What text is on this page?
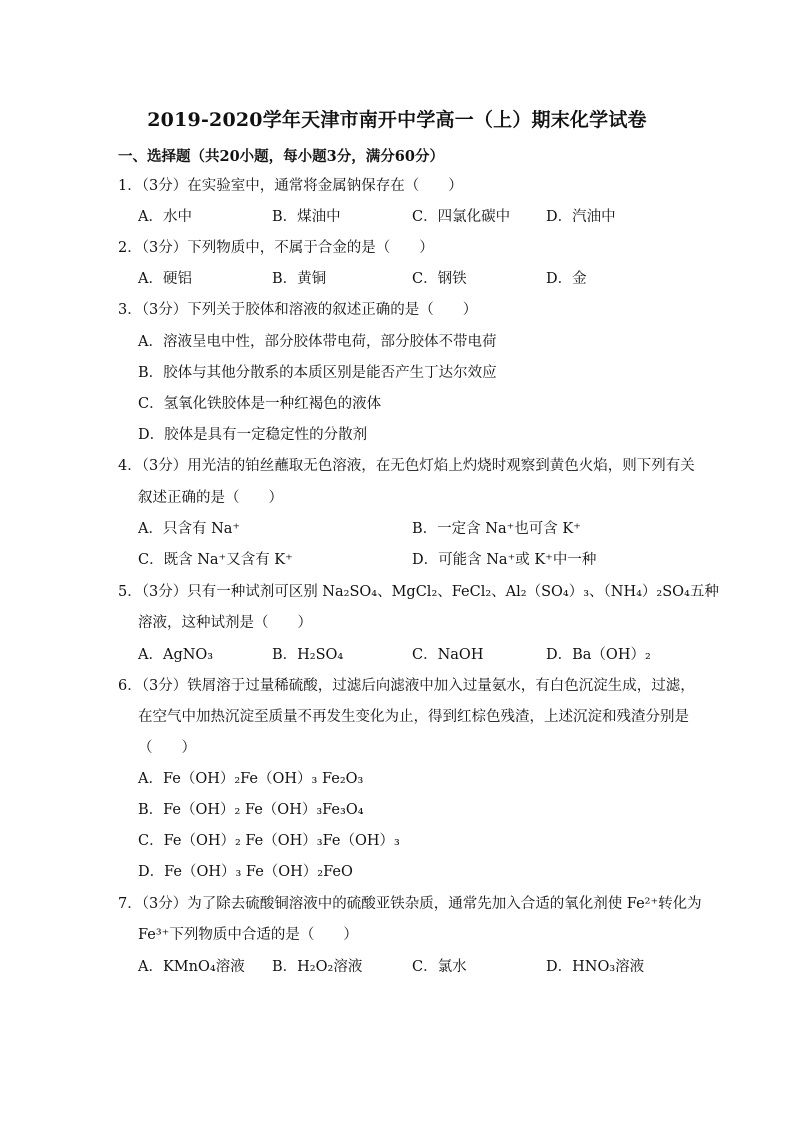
2019-2020学年天津市南开中学高一（上）期末化学试卷
一、选择题（共20小题，每小题3分，满分60分）
1．（3分）在实验室中，通常将金属钠保存在（　　）
A．水中	B．煤油中	C．四氯化碳中 D．汽油中
2．（3分）下列物质中，不属于合金的是（　　）
A．硬铝	B．黄铜	C．钢铁	D．金
3．（3分）下列关于胶体和溶液的叙述正确的是（　　）
A．溶液呈电中性，部分胶体带电荷，部分胶体不带电荷
B．胶体与其他分散系的本质区别是能否产生丁达尔效应
C．氢氧化铁胶体是一种红褐色的液体
D．胶体是具有一定稳定性的分散剂
4．（3分）用光洁的铂丝蘸取无色溶液，在无色灯焰上灼烧时观察到黄色火焰，则下列有关
叙述正确的是（　　）
A．只含有 Na⁺	B．一定含 Na⁺也可含 K⁺
C．既含 Na⁺又含有 K⁺	D．可能含 Na⁺或 K⁺中一种
5．（3分）只有一种试剂可区别 Na₂SO₄、MgCl₂、FeCl₂、Al₂（SO₄）₃、（NH₄）₂SO₄五种
溶液，这种试剂是（　　）
A．AgNO₃	B．H₂SO₄	C．NaOH	D．Ba（OH）₂
6．（3分）铁屑溶于过量稀硫酸，过滤后向滤液中加入过量氨水，有白色沉淀生成，过滤，
在空气中加热沉淀至质量不再发生变化为止，得到红棕色残渣，上述沉淀和残渣分别是
（　　）
A．Fe（OH）₂Fe（OH）₃ Fe₂O₃
B．Fe（OH）₂ Fe（OH）₃Fe₃O₄
C．Fe（OH）₂ Fe（OH）₃Fe（OH）₃
D．Fe（OH）₃ Fe（OH）₂FeO
7．（3分）为了除去硫酸铜溶液中的硫酸亚铁杂质，通常先加入合适的氧化剂使 Fe²⁺转化为
Fe³⁺下列物质中合适的是（　　）
A．KMnO₄溶液 B．H₂O₂溶液	C．氯水	D．HNO₃溶液
